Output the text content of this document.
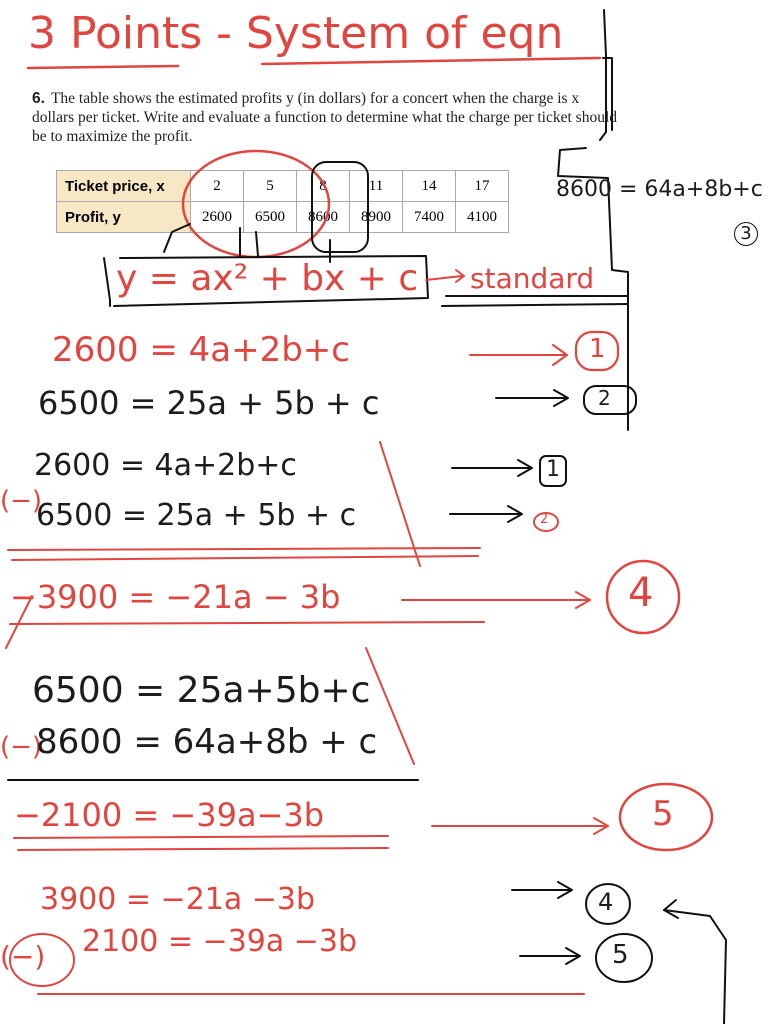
6. The table shows the estimated profits y (in dollars) for a concert when the charge is x dollars per ticket. Write and evaluate a function to determine what the charge per ticket should be to maximize the profit.
Ticket price, x	2	5	8	11	14	17
Profit, y	2600	6500	8600	8900	7400	4100
3 Points - System of eqn
8600 = 64a+8b+c
3
y = ax² + bx + c standard
2600 = 4a+2b+c	1
6500 = 25a + 5b + c	2
2600 = 4a+2b+c	1
(−)
6500 = 25a + 5b + c	2
−3900 = −21a − 3b	4
6500 = 25a+5b+c
(−)
8600 = 64a+8b + c
−2100 = −39a−3b	5
3900 = −21a −3b	4
(−) 2100 = −39a −3b	5
